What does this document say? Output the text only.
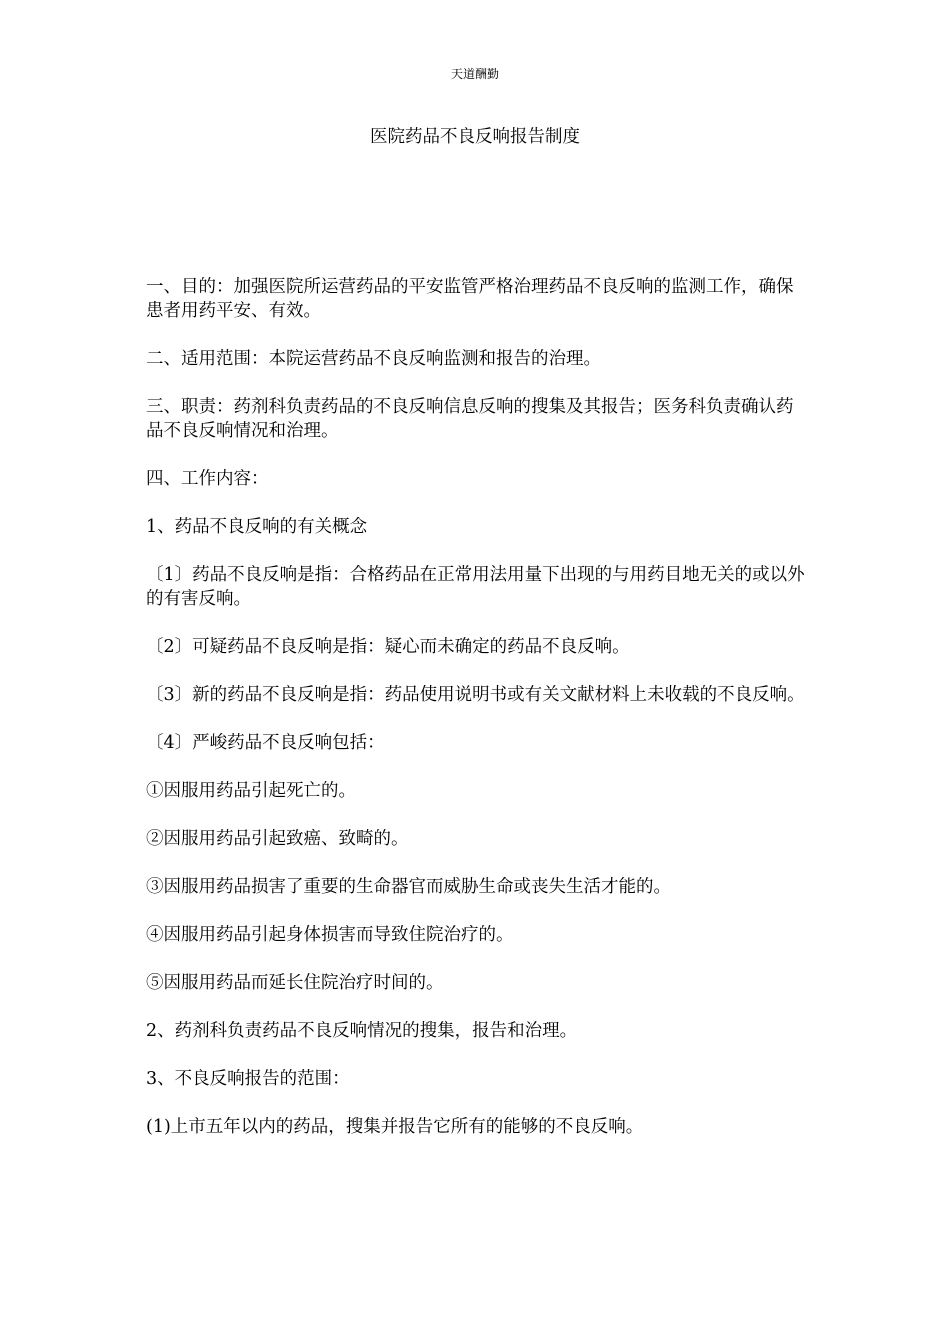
天道酬勤
医院药品不良反响报告制度

一、目的：加强医院所运营药品的平安监管严格治理药品不良反响的监测工作，确保患者用药平安、有效。

二、适用范围：本院运营药品不良反响监测和报告的治理。

三、职责：药剂科负责药品的不良反响信息反响的搜集及其报告；医务科负责确认药品不良反响情况和治理。

四、工作内容：

1、药品不良反响的有关概念

〔1〕药品不良反响是指：合格药品在正常用法用量下出现的与用药目地无关的或以外的有害反响。

〔2〕可疑药品不良反响是指：疑心而未确定的药品不良反响。

〔3〕新的药品不良反响是指：药品使用说明书或有关文献材料上未收载的不良反响。

〔4〕严峻药品不良反响包括：

①因服用药品引起死亡的。

②因服用药品引起致癌、致畸的。

③因服用药品损害了重要的生命器官而威胁生命或丧失生活才能的。

④因服用药品引起身体损害而导致住院治疗的。

⑤因服用药品而延长住院治疗时间的。

2、药剂科负责药品不良反响情况的搜集，报告和治理。

3、不良反响报告的范围：

(1)上市五年以内的药品，搜集并报告它所有的能够的不良反响。
